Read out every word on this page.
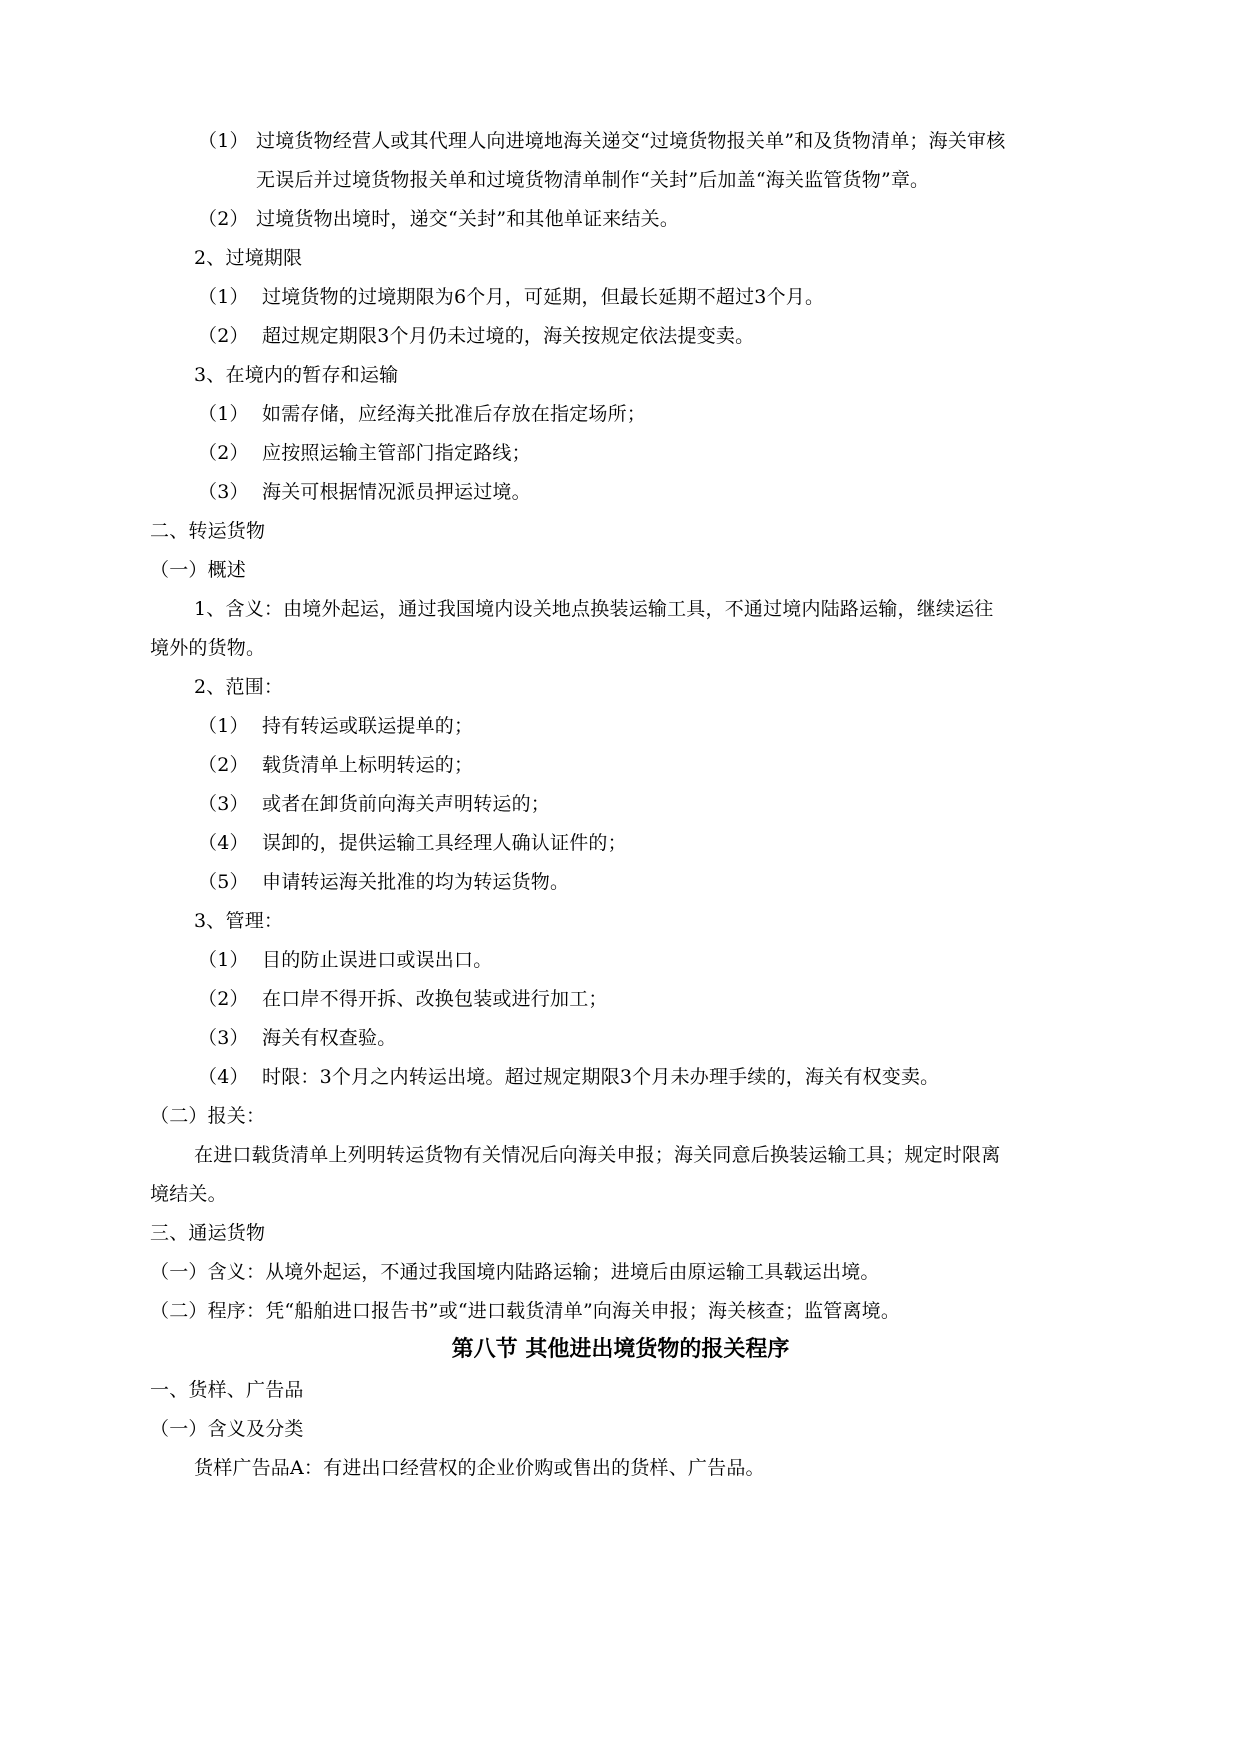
（1） 过境货物经营人或其代理人向进境地海关递交“过境货物报关单”和及货物清单；海关审核
无误后并过境货物报关单和过境货物清单制作“关封”后加盖“海关监管货物”章。
（2） 过境货物出境时，递交“关封”和其他单证来结关。
2、过境期限
（1） 过境货物的过境期限为6个月，可延期，但最长延期不超过3个月。
（2） 超过规定期限3个月仍未过境的，海关按规定依法提变卖。
3、在境内的暂存和运输
（1） 如需存储，应经海关批准后存放在指定场所；
（2） 应按照运输主管部门指定路线；
（3） 海关可根据情况派员押运过境。
二、转运货物
（一）概述
1、含义：由境外起运，通过我国境内设关地点换装运输工具，不通过境内陆路运输，继续运往
境外的货物。
2、范围：
（1） 持有转运或联运提单的；
（2） 载货清单上标明转运的；
（3） 或者在卸货前向海关声明转运的；
（4） 误卸的，提供运输工具经理人确认证件的；
（5） 申请转运海关批准的均为转运货物。
3、管理：
（1） 目的防止误进口或误出口。
（2） 在口岸不得开拆、改换包装或进行加工；
（3） 海关有权查验。
（4） 时限：3个月之内转运出境。超过规定期限3个月未办理手续的，海关有权变卖。
（二）报关：
在进口载货清单上列明转运货物有关情况后向海关申报；海关同意后换装运输工具；规定时限离
境结关。
三、通运货物
（一）含义：从境外起运，不通过我国境内陆路运输；进境后由原运输工具载运出境。
（二）程序：凭“船舶进口报告书”或“进口载货清单”向海关申报；海关核查；监管离境。
第八节 其他进出境货物的报关程序
一、货样、广告品
（一）含义及分类
货样广告品A：有进出口经营权的企业价购或售出的货样、广告品。
